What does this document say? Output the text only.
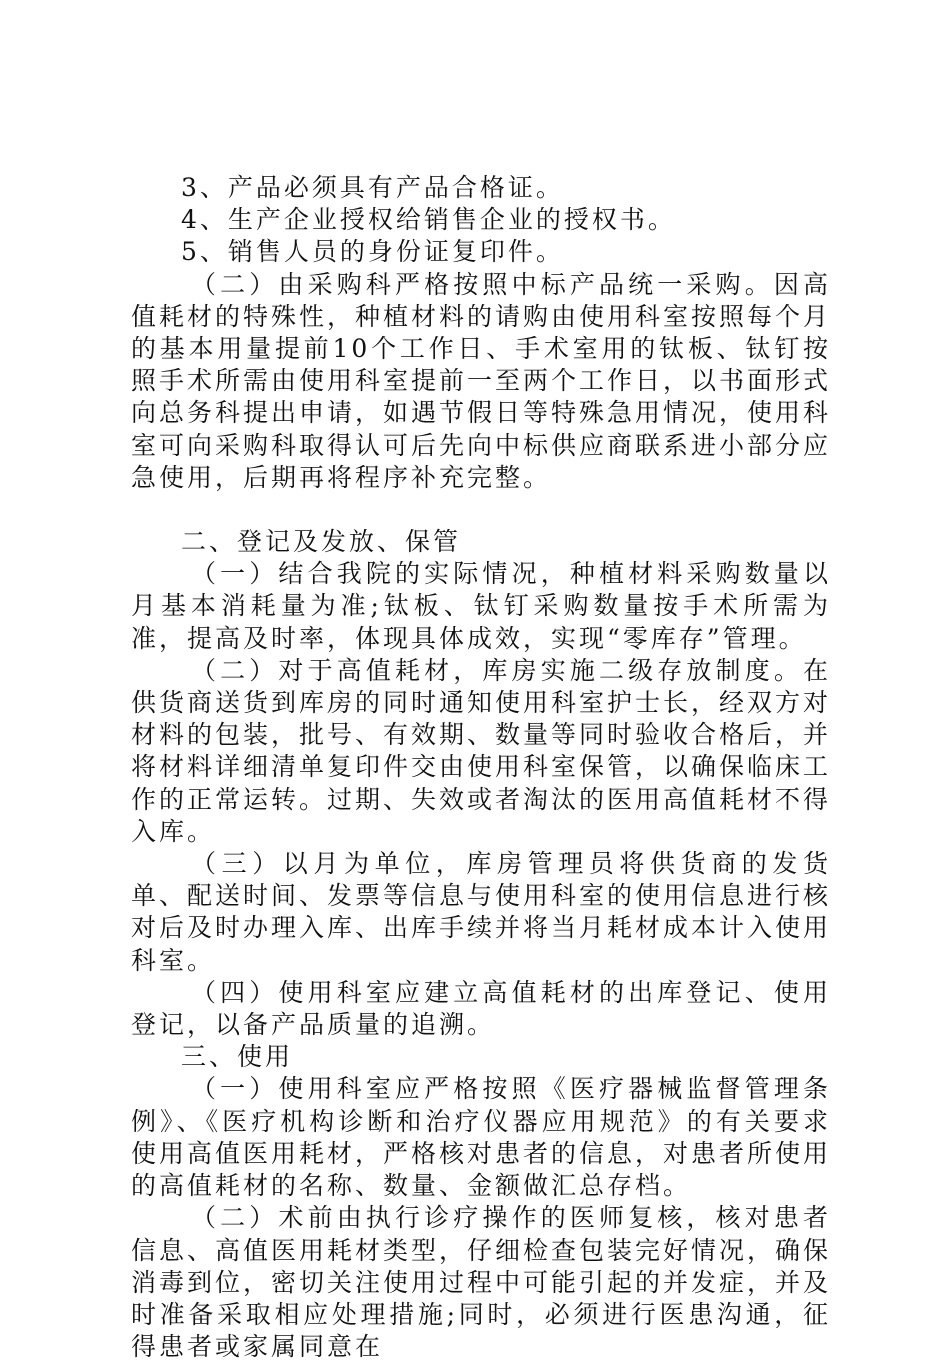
3、产品必须具有产品合格证。

4、生产企业授权给销售企业的授权书。

5、销售人员的身份证复印件。

（二）由采购科严格按照中标产品统一采购。因高值耗材的特殊性，种植材料的请购由使用科室按照每个月的基本用量提前10个工作日、手术室用的钛板、钛钉按照手术所需由使用科室提前一至两个工作日，以书面形式向总务科提出申请，如遇节假日等特殊急用情况，使用科室可向采购科取得认可后先向中标供应商联系进小部分应急使用，后期再将程序补充完整。

二、登记及发放、保管

（一）结合我院的实际情况，种植材料采购数量以月基本消耗量为准;钛板、钛钉采购数量按手术所需为准，提高及时率，体现具体成效，实现“零库存”管理。

（二）对于高值耗材，库房实施二级存放制度。在供货商送货到库房的同时通知使用科室护士长，经双方对材料的包装，批号、有效期、数量等同时验收合格后，并将材料详细清单复印件交由使用科室保管，以确保临床工作的正常运转。过期、失效或者淘汰的医用高值耗材不得入库。

（三）以月为单位，库房管理员将供货商的发货单、配送时间、发票等信息与使用科室的使用信息进行核对后及时办理入库、出库手续并将当月耗材成本计入使用科室。

（四）使用科室应建立高值耗材的出库登记、使用登记，以备产品质量的追溯。

三、使用

（一）使用科室应严格按照《医疗器械监督管理条例》、《医疗机构诊断和治疗仪器应用规范》的有关要求使用高值医用耗材，严格核对患者的信息，对患者所使用的高值耗材的名称、数量、金额做汇总存档。

（二）术前由执行诊疗操作的医师复核，核对患者信息、高值医用耗材类型，仔细检查包装完好情况，确保消毒到位，密切关注使用过程中可能引起的并发症，并及时准备采取相应处理措施;同时，必须进行医患沟通，征得患者或家属同意在
